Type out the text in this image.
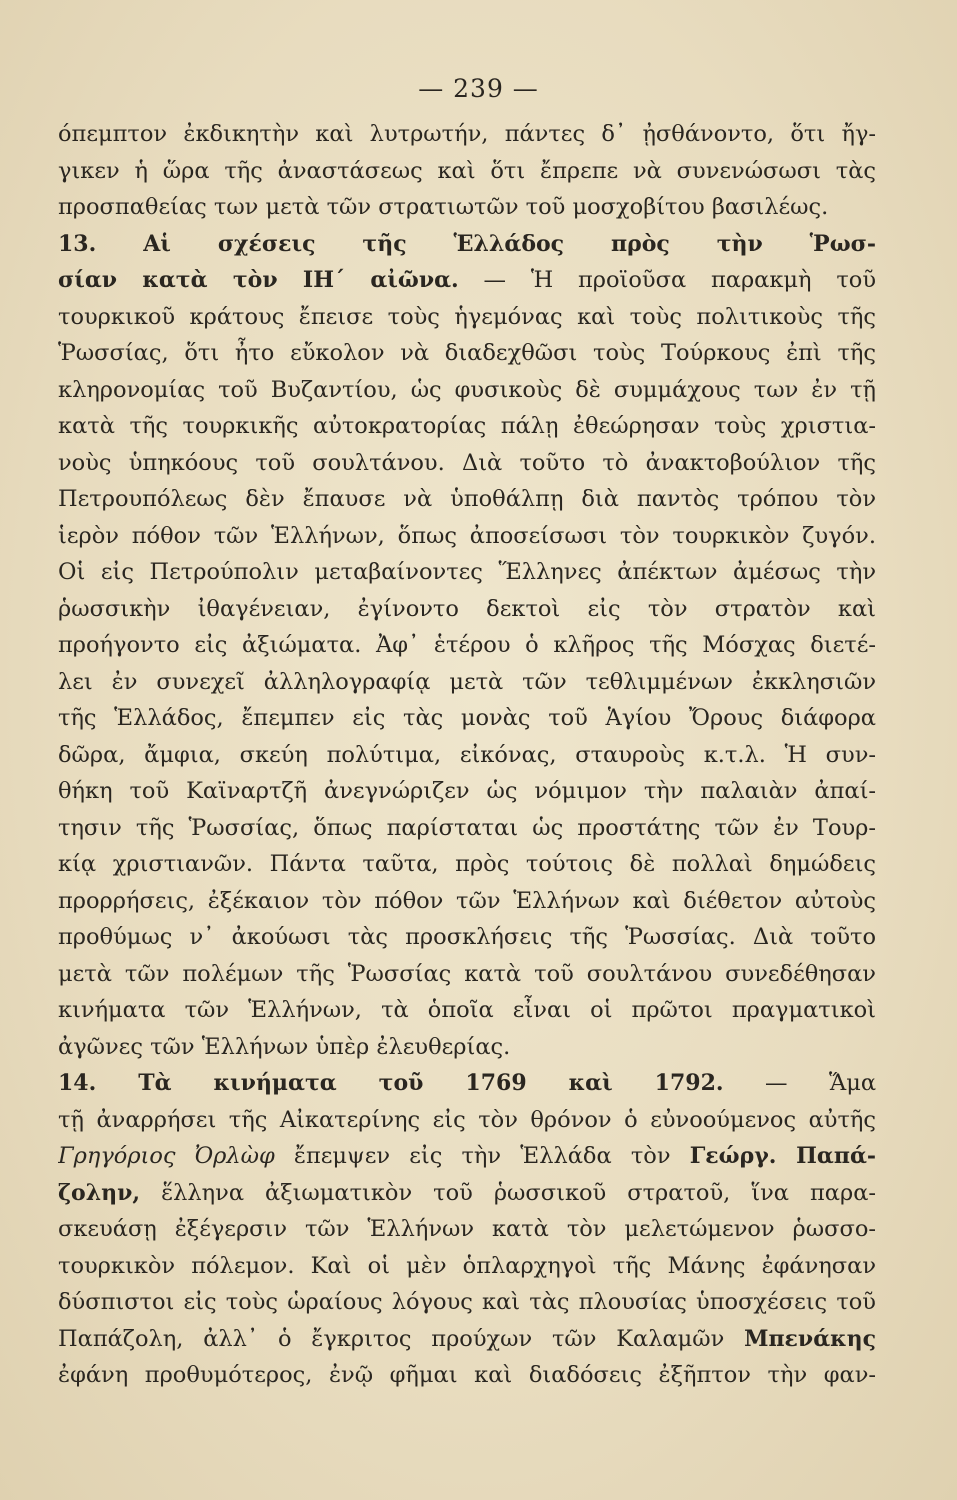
— 239 —
όπεμπτον ἐκδικητὴν καὶ λυτρωτήν, πάντες δ᾽ ᾐσθάνοντο, ὅτι ἤγ-
γικεν ἡ ὥρα τῆς ἀναστάσεως καὶ ὅτι ἔπρεπε νὰ συνενώσωσι τὰς
προσπαθείας των μετὰ τῶν στρατιωτῶν τοῦ μοσχοβίτου βασιλέως.
13. Αἱ σχέσεις τῆς Ἑλλάδος πρὸς τὴν Ῥωσ-
σίαν κατὰ τὸν ΙΗ΄ αἰῶνα. — Ἡ προϊοῦσα παρακμὴ τοῦ
τουρκικοῦ κράτους ἔπεισε τοὺς ἡγεμόνας καὶ τοὺς πολιτικοὺς τῆς
Ῥωσσίας, ὅτι ἦτο εὔκολον νὰ διαδεχθῶσι τοὺς Τούρκους ἐπὶ τῆς
κληρονομίας τοῦ Βυζαντίου, ὡς φυσικοὺς δὲ συμμάχους των ἐν τῇ
κατὰ τῆς τουρκικῆς αὐτοκρατορίας πάλῃ ἐθεώρησαν τοὺς χριστια-
νοὺς ὑπηκόους τοῦ σουλτάνου. Διὰ τοῦτο τὸ ἀνακτοβούλιον τῆς
Πετρουπόλεως δὲν ἔπαυσε νὰ ὑποθάλπῃ διὰ παντὸς τρόπου τὸν
ἱερὸν πόθον τῶν Ἑλλήνων, ὅπως ἀποσείσωσι τὸν τουρκικὸν ζυγόν.
Οἱ εἰς Πετρούπολιν μεταβαίνοντες Ἕλληνες ἀπέκτων ἀμέσως τὴν
ῥωσσικὴν ἰθαγένειαν, ἐγίνοντο δεκτοὶ εἰς τὸν στρατὸν καὶ
προήγοντο εἰς ἀξιώματα. Ἀφ᾽ ἑτέρου ὁ κλῆρος τῆς Μόσχας διετέ-
λει ἐν συνεχεῖ ἀλληλογραφίᾳ μετὰ τῶν τεθλιμμένων ἐκκλησιῶν
τῆς Ἑλλάδος, ἔπεμπεν εἰς τὰς μονὰς τοῦ Ἁγίου Ὄρους διάφορα
δῶρα, ἄμφια, σκεύη πολύτιμα, εἰκόνας, σταυροὺς κ.τ.λ. Ἡ συν-
θήκη τοῦ Καϊναρτζῆ ἀνεγνώριζεν ὡς νόμιμον τὴν παλαιὰν ἀπαί-
τησιν τῆς Ῥωσσίας, ὅπως παρίσταται ὡς προστάτης τῶν ἐν Τουρ-
κίᾳ χριστιανῶν. Πάντα ταῦτα, πρὸς τούτοις δὲ πολλαὶ δημώδεις
προρρήσεις, ἐξέκαιον τὸν πόθον τῶν Ἑλλήνων καὶ διέθετον αὐτοὺς
προθύμως ν᾽ ἀκούωσι τὰς προσκλήσεις τῆς Ῥωσσίας. Διὰ τοῦτο
μετὰ τῶν πολέμων τῆς Ῥωσσίας κατὰ τοῦ σουλτάνου συνεδέθησαν
κινήματα τῶν Ἑλλήνων, τὰ ὁποῖα εἶναι οἱ πρῶτοι πραγματικοὶ
ἀγῶνες τῶν Ἑλλήνων ὑπὲρ ἐλευθερίας.
14. Τὰ κινήματα τοῦ 1769 καὶ 1792. — Ἅμα
τῇ ἀναρρήσει τῆς Αἰκατερίνης εἰς τὸν θρόνον ὁ εὐνοούμενος αὐτῆς
Γρηγόριος Ὀρλὼφ ἔπεμψεν εἰς τὴν Ἑλλάδα τὸν Γεώργ. Παπά-
ζολην, ἕλληνα ἀξιωματικὸν τοῦ ῥωσσικοῦ στρατοῦ, ἵνα παρα-
σκευάσῃ ἐξέγερσιν τῶν Ἑλλήνων κατὰ τὸν μελετώμενον ῥωσσο-
τουρκικὸν πόλεμον. Καὶ οἱ μὲν ὁπλαρχηγοὶ τῆς Μάνης ἐφάνησαν
δύσπιστοι εἰς τοὺς ὡραίους λόγους καὶ τὰς πλουσίας ὑποσχέσεις τοῦ
Παπάζολη, ἀλλ᾽ ὁ ἔγκριτος προύχων τῶν Καλαμῶν Μπενάκης
ἐφάνη προθυμότερος, ἐνῷ φῆμαι καὶ διαδόσεις ἐξῆπτον τὴν φαν-
